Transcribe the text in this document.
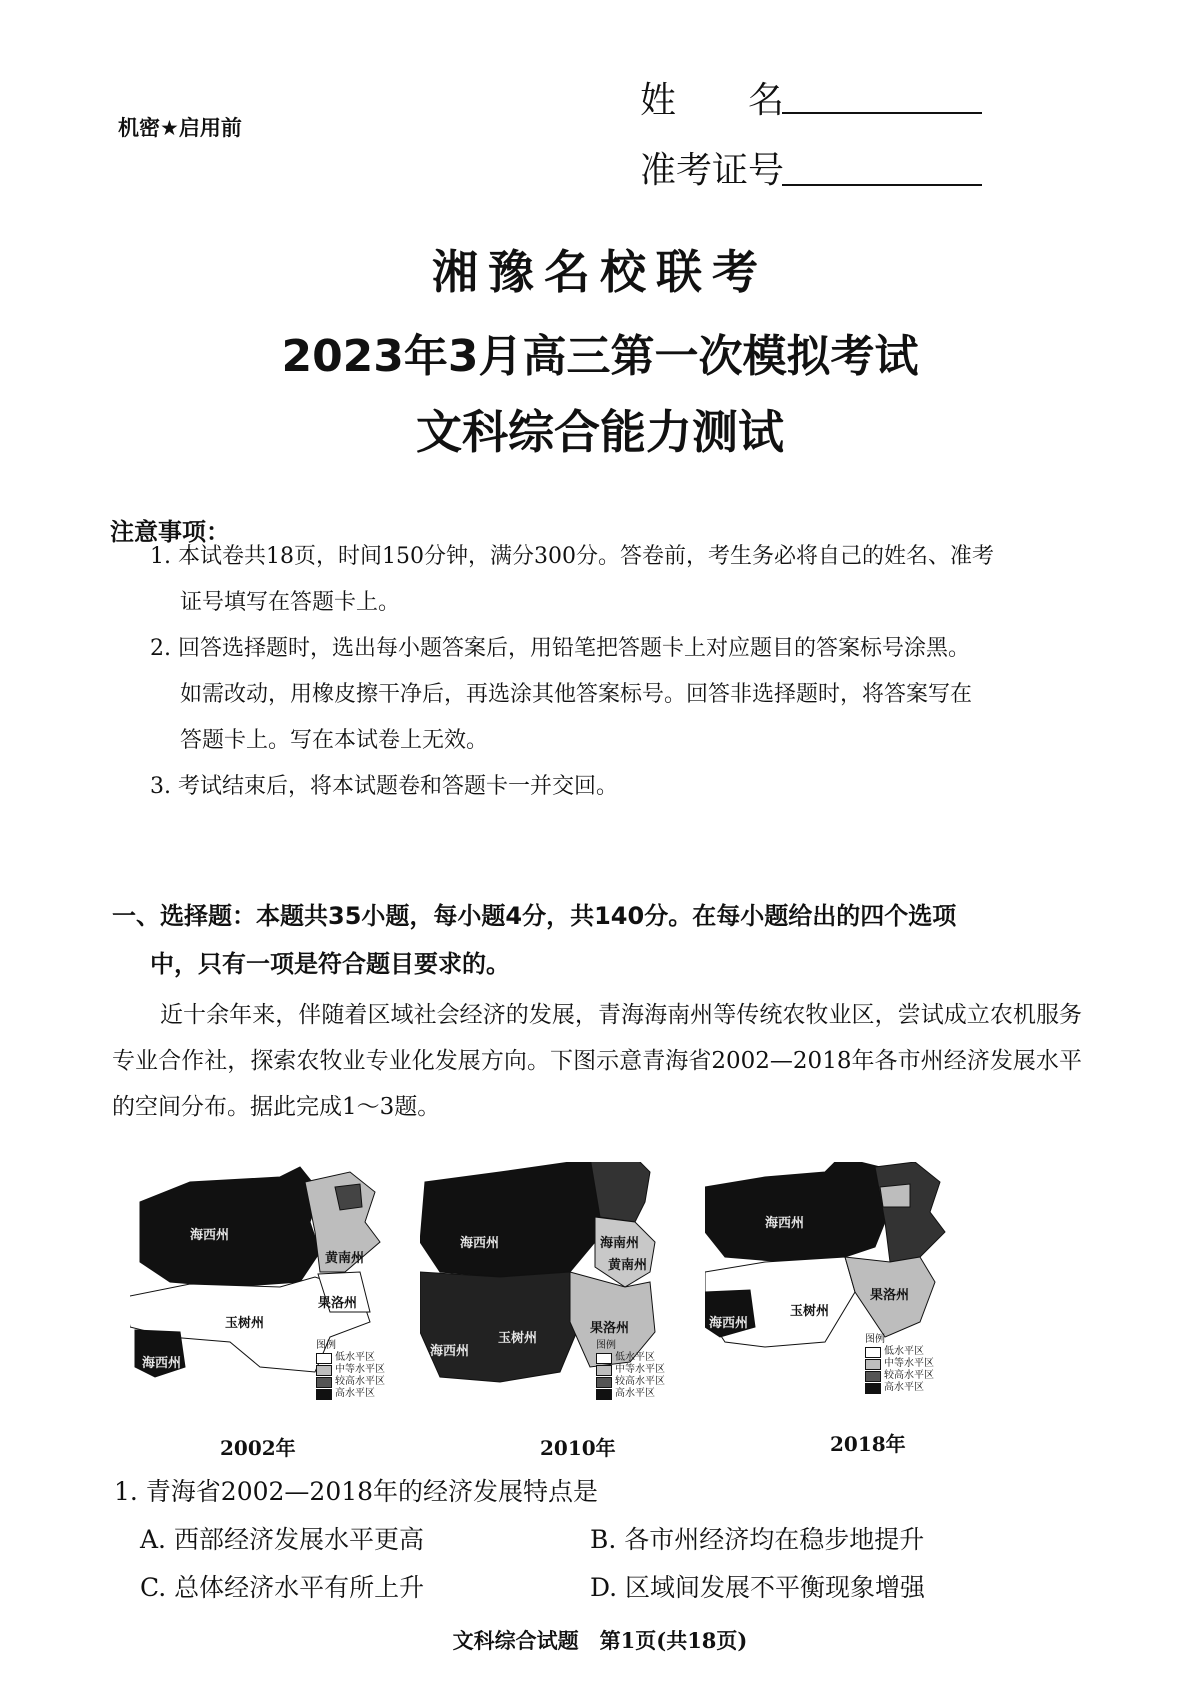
机密★启用前
姓　　名
准考证号
湘豫名校联考
2023年3月高三第一次模拟考试
文科综合能力测试
注意事项：
1. 本试卷共18页，时间150分钟，满分300分。答卷前，考生务必将自己的姓名、准考
证号填写在答题卡上。
2. 回答选择题时，选出每小题答案后，用铅笔把答题卡上对应题目的答案标号涂黑。
如需改动，用橡皮擦干净后，再选涂其他答案标号。回答非选择题时，将答案写在
答题卡上。写在本试卷上无效。
3. 考试结束后，将本试题卷和答题卡一并交回。
一、选择题：本题共35小题，每小题4分，共140分。在每小题给出的四个选项
中，只有一项是符合题目要求的。
近十余年来，伴随着区域社会经济的发展，青海海南州等传统农牧业区，尝试成立农机服务专业合作社，探索农牧业专业化发展方向。下图示意青海省2002—2018年各市州经济发展水平的空间分布。据此完成1～3题。
海西州
黄南州
果洛州
玉树州
海西州
图例
低水平区
中等水平区
较高水平区
高水平区
2002年
海西州	海南州
黄南州
果洛州
海西州
玉树州	图例
低水平区
中等水平区
较高水平区
高水平区
2010年
海西州
果洛州
玉树州
海西州
图例
低水平区
中等水平区
较高水平区
高水平区
2018年
1. 青海省2002—2018年的经济发展特点是
A. 西部经济发展水平更高	B. 各市州经济均在稳步地提升
C. 总体经济水平有所上升	D. 区域间发展不平衡现象增强
文科综合试题　第1页(共18页)
